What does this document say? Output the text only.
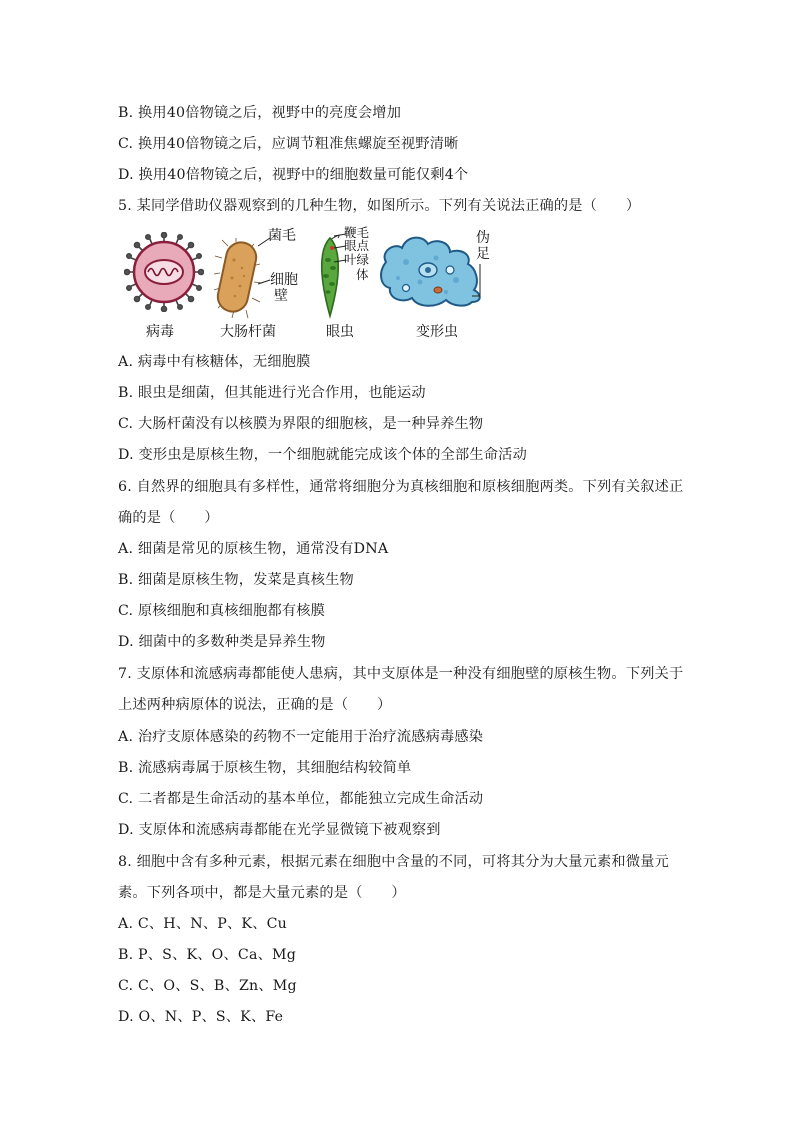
B. 换用40倍物镜之后，视野中的亮度会增加
C. 换用40倍物镜之后，应调节粗准焦螺旋至视野清晰
D. 换用40倍物镜之后，视野中的细胞数量可能仅剩4个
5. 某同学借助仪器观察到的几种生物，如图所示。下列有关说法正确的是（　　）
菌毛
细胞
壁
鞭毛
眼点
叶绿
体
伪
足
病毒	大肠杆菌	眼虫	变形虫
A. 病毒中有核糖体，无细胞膜
B. 眼虫是细菌，但其能进行光合作用，也能运动
C. 大肠杆菌没有以核膜为界限的细胞核，是一种异养生物
D. 变形虫是原核生物，一个细胞就能完成该个体的全部生命活动
6. 自然界的细胞具有多样性，通常将细胞分为真核细胞和原核细胞两类。下列有关叙述正
确的是（　　）
A. 细菌是常见的原核生物，通常没有DNA
B. 细菌是原核生物，发菜是真核生物
C. 原核细胞和真核细胞都有核膜
D. 细菌中的多数种类是异养生物
7. 支原体和流感病毒都能使人患病，其中支原体是一种没有细胞壁的原核生物。下列关于
上述两种病原体的说法，正确的是（　　）
A. 治疗支原体感染的药物不一定能用于治疗流感病毒感染
B. 流感病毒属于原核生物，其细胞结构较简单
C. 二者都是生命活动的基本单位，都能独立完成生命活动
D. 支原体和流感病毒都能在光学显微镜下被观察到
8. 细胞中含有多种元素，根据元素在细胞中含量的不同，可将其分为大量元素和微量元
素。下列各项中，都是大量元素的是（　　）
A. C、H、N、P、K、Cu
B. P、S、K、O、Ca、Mg
C. C、O、S、B、Zn、Mg
D. O、N、P、S、K、Fe
